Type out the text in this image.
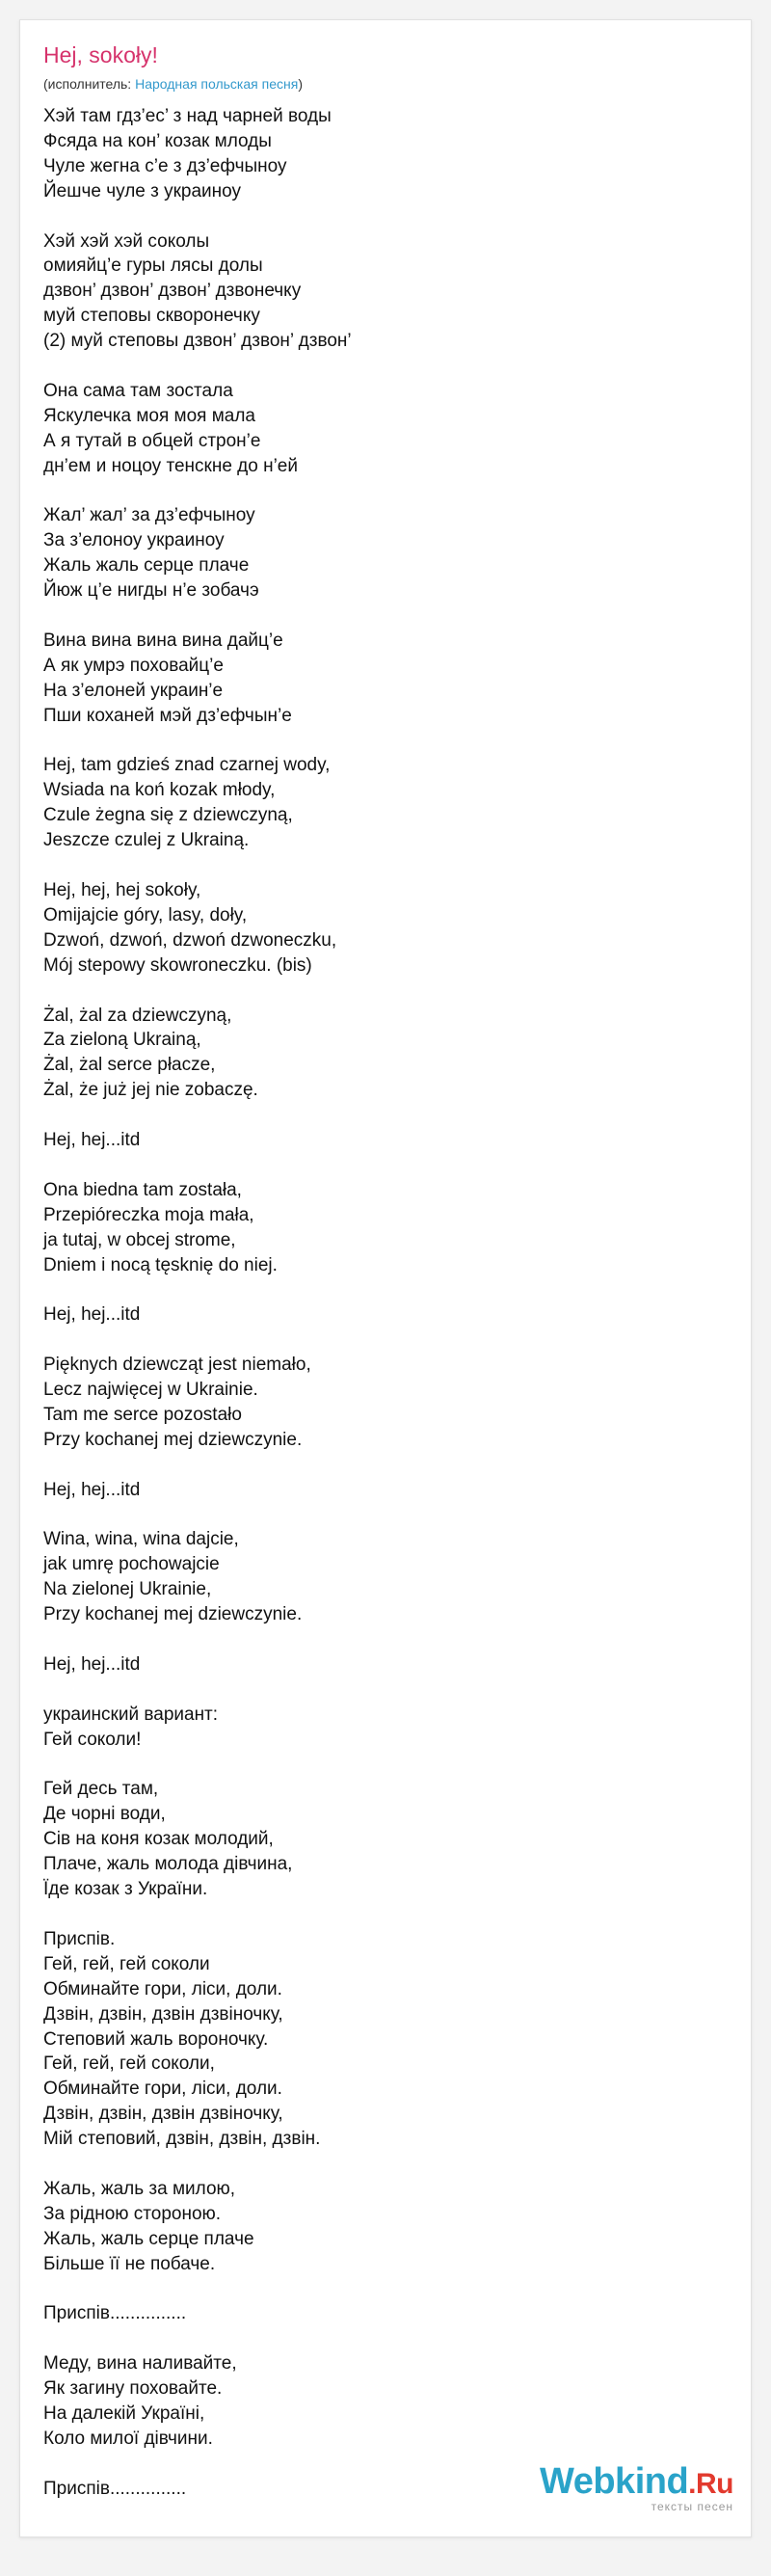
Hej, sokoły!
(исполнитель: Народная польская песня)
Хэй там гдз’ес’ з над чарней воды
Фсяда на кон’ козак млоды
Чуле жегна с’е з дз’ефчыноу
Йешче чуле з украиноу
Хэй хэй хэй соколы
омияйц’е гуры лясы долы
дзвон’ дзвон’ дзвон’ дзвонечку
муй степовы скворонечку
(2) муй степовы дзвон’ дзвон’ дзвон’
Она сама там зостала
Яскулечка моя моя мала
А я тутай в обцей строн’е
дн’ем и ноцоу тенскне до н’ей
Жал’ жал’ за дз’ефчыноу
За з’елоноу украиноу
Жаль жаль серце плаче
Йюж ц’е нигды н’е зобачэ
Вина вина вина вина дайц’е
А як умрэ поховайц’е
На з’елоней украин’е
Пши коханей мэй дз’ефчын’е
Hej, tam gdzieś znad czarnej wody,
Wsiada na koń kozak młody,
Czule żegna się z dziewczyną,
Jeszcze czulej z Ukrainą.
Hej, hej, hej sokoły,
Omijajcie góry, lasy, doły,
Dzwoń, dzwoń, dzwoń dzwoneczku,
Mój stepowy skowroneczku. (bis)
Żal, żal za dziewczyną,
Za zieloną Ukrainą,
Żal, żal serce płacze,
Żal, że już jej nie zobaczę.
Hej, hej...itd
Ona biedna tam została,
Przepióreczka moja mała,
ja tutaj, w obcej strome,
Dniem i nocą tęsknię do niej.
Hej, hej...itd
Pięknych dziewcząt jest niemało,
Lecz najwięcej w Ukrainie.
Tam me serce pozostało
Przy kochanej mej dziewczynie.
Hej, hej...itd
Wina, wina, wina dajcie,
jak umrę pochowajcie
Na zielonej Ukrainie,
Przy kochanej mej dziewczynie.
Hej, hej...itd
украинский вариант:
Гей соколи!
Гей десь там,
Де чорні води,
Сів на коня козак молодий,
Плаче, жаль молода дівчина,
Їде козак з України.
Приспів.
Гей, гей, гей соколи
Обминайте гори, ліси, доли.
Дзвін, дзвін, дзвін дзвіночку,
Степовий жаль вороночку.
Гей, гей, гей соколи,
Обминайте гори, ліси, доли.
Дзвін, дзвін, дзвін дзвіночку,
Мій степовий, дзвін, дзвін, дзвін.
Жаль, жаль за милою,
За рідною стороною.
Жаль, жаль серце плаче
Більше її не побаче.
Приспів...............
Меду, вина наливайте,
Як загину поховайте.
На далекій Україні,
Коло милої дівчини.
Приспів...............	Webkind.Ru
тексты песен
